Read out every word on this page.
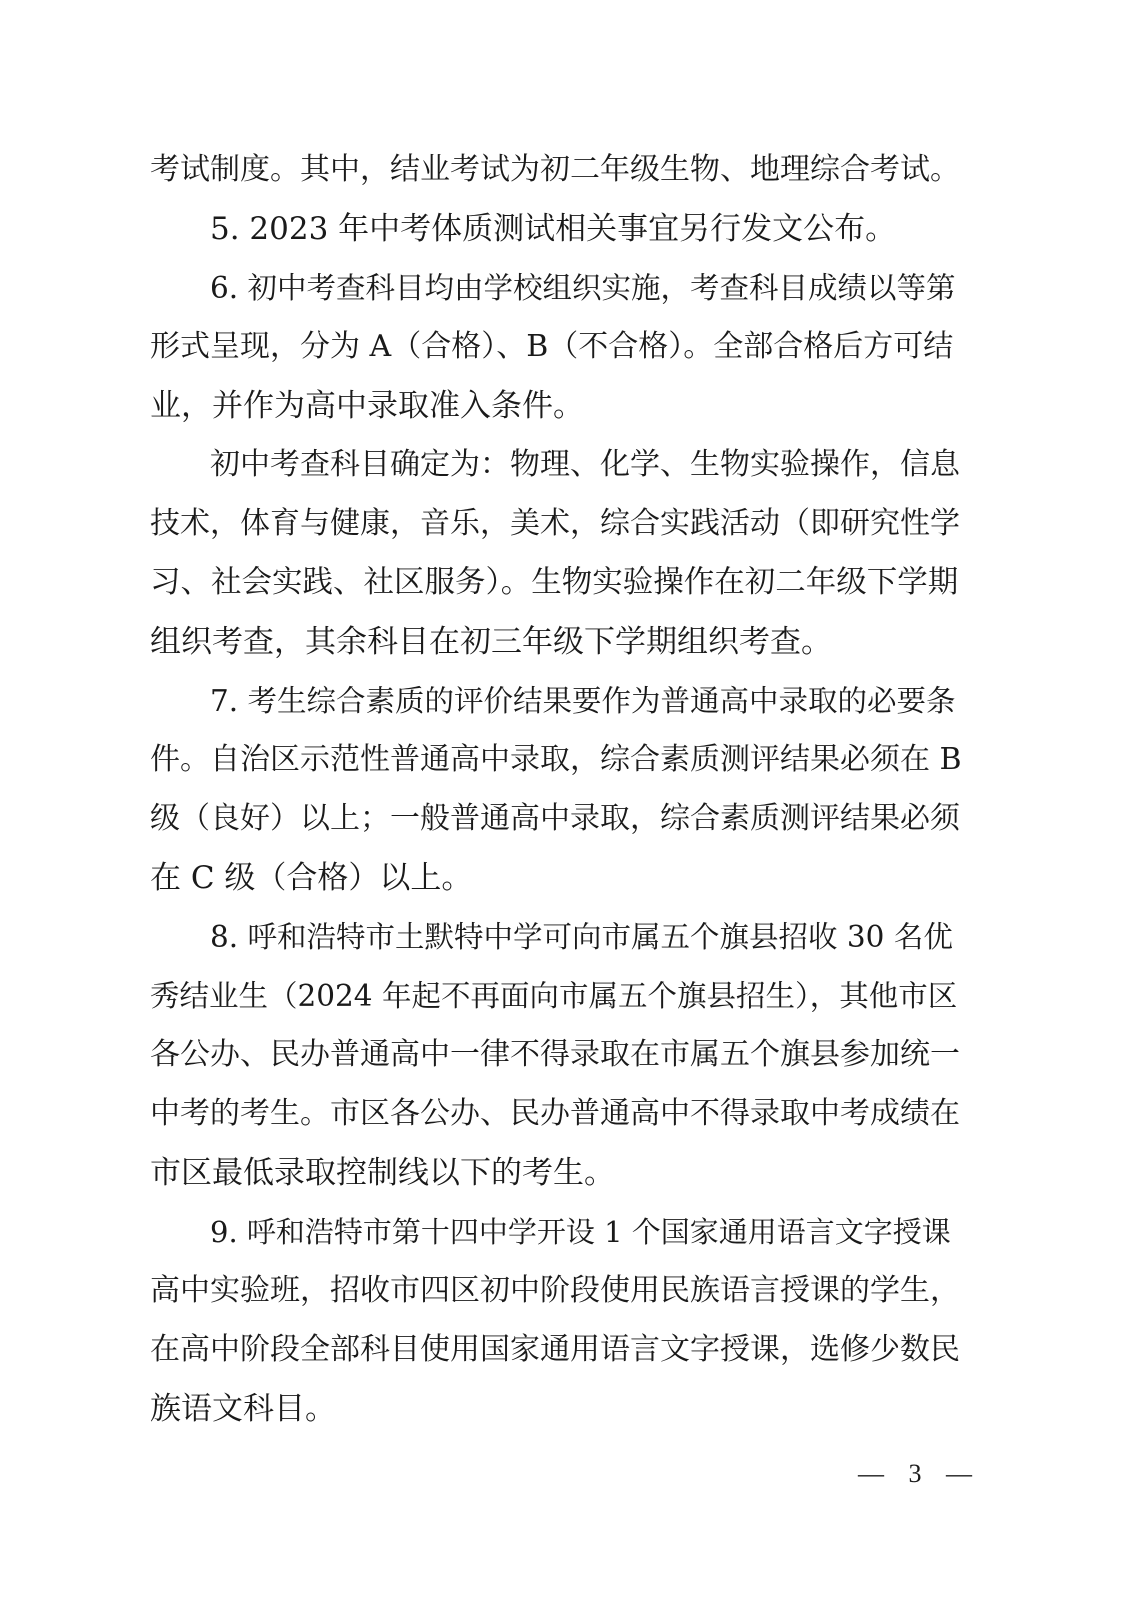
考试制度。其中，结业考试为初二年级生物、地理综合考试。
5. 2023 年中考体质测试相关事宜另行发文公布。
6. 初中考查科目均由学校组织实施，考查科目成绩以等第
形式呈现，分为 A（合格）、B（不合格）。全部合格后方可结
业，并作为高中录取准入条件。
初中考查科目确定为：物理、化学、生物实验操作，信息
技术，体育与健康，音乐，美术，综合实践活动（即研究性学
习、社会实践、社区服务）。生物实验操作在初二年级下学期
组织考查，其余科目在初三年级下学期组织考查。
7. 考生综合素质的评价结果要作为普通高中录取的必要条
件。自治区示范性普通高中录取，综合素质测评结果必须在 B
级（良好）以上；一般普通高中录取，综合素质测评结果必须
在 C 级（合格）以上。
8. 呼和浩特市土默特中学可向市属五个旗县招收 30 名优
秀结业生（2024 年起不再面向市属五个旗县招生），其他市区
各公办、民办普通高中一律不得录取在市属五个旗县参加统一
中考的考生。市区各公办、民办普通高中不得录取中考成绩在
市区最低录取控制线以下的考生。
9. 呼和浩特市第十四中学开设 1 个国家通用语言文字授课
高中实验班，招收市四区初中阶段使用民族语言授课的学生，
在高中阶段全部科目使用国家通用语言文字授课，选修少数民
族语文科目。
— 3 —
